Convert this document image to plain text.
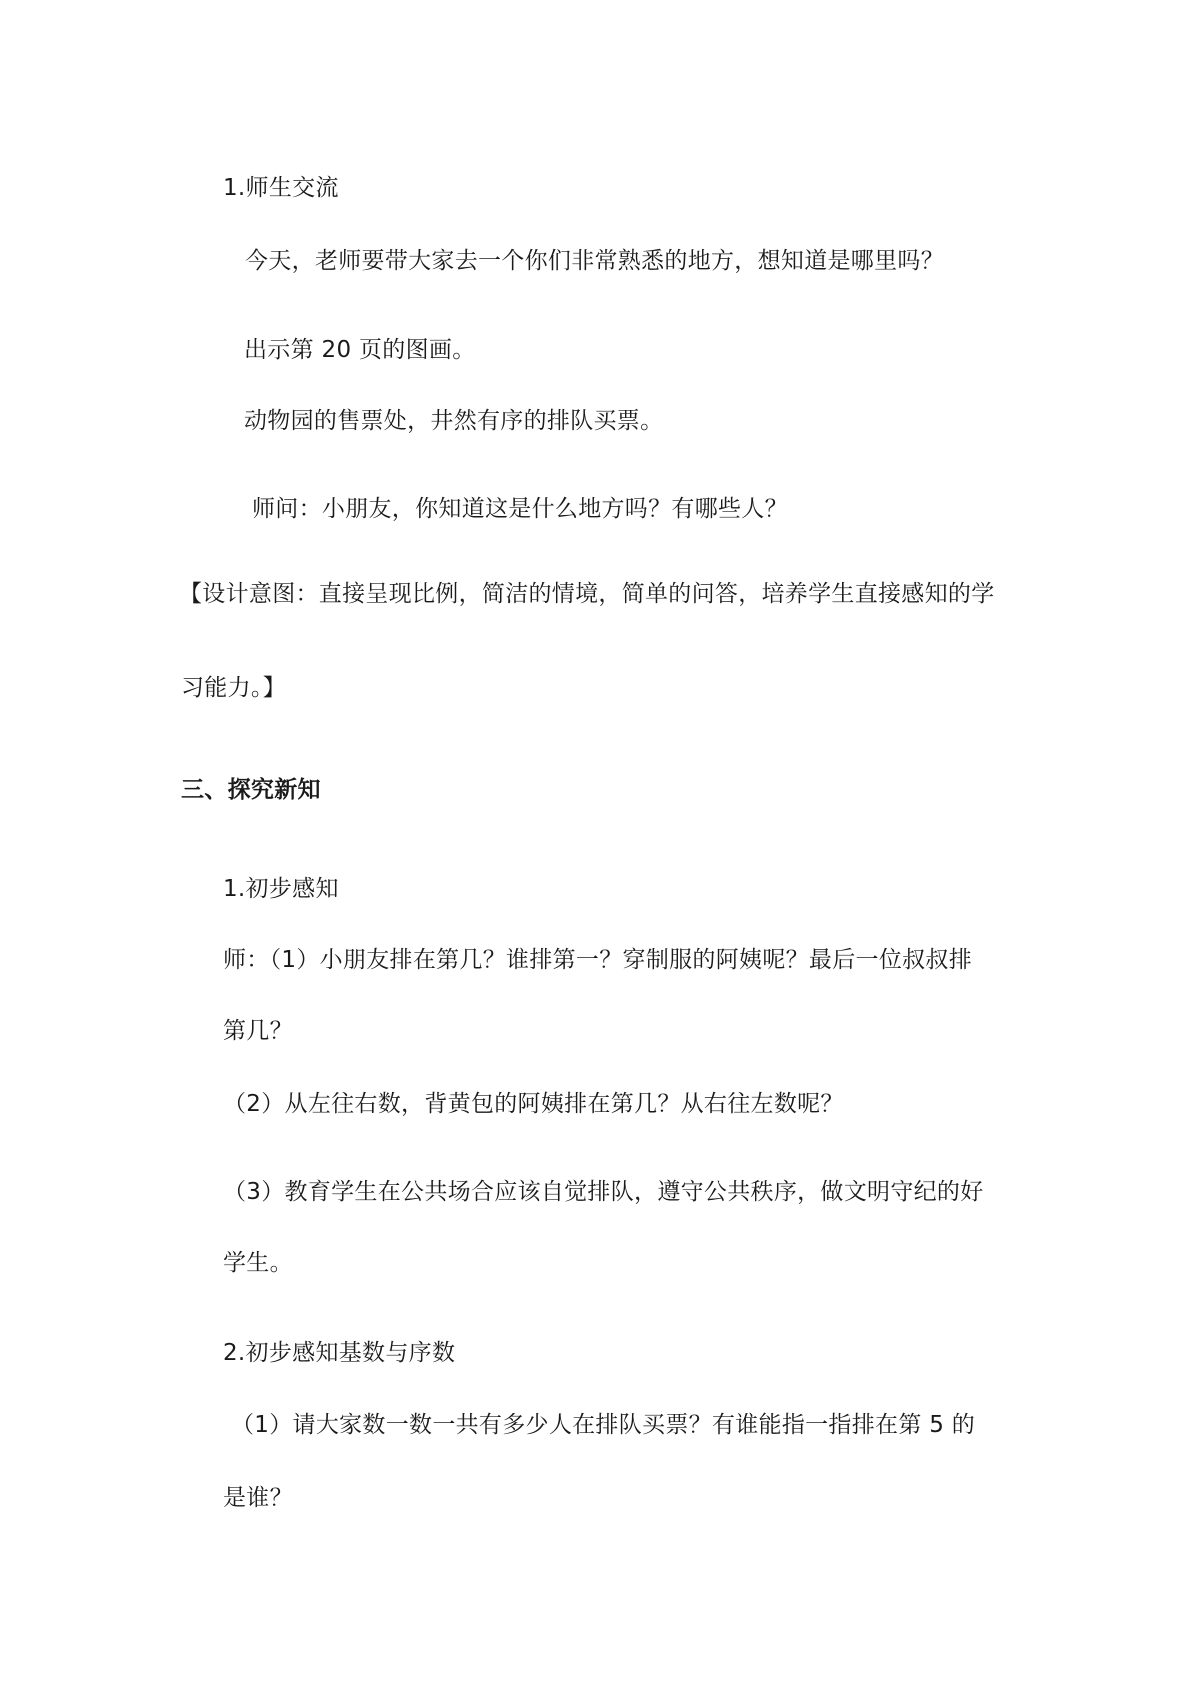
1.师生交流
今天，老师要带大家去一个你们非常熟悉的地方，想知道是哪里吗？
出示第 20 页的图画。
动物园的售票处，井然有序的排队买票。
师问：小朋友，你知道这是什么地方吗？有哪些人？
【设计意图：直接呈现比例，简洁的情境，简单的问答，培养学生直接感知的学
习能力。】
三、探究新知
1.初步感知
师：（1）小朋友排在第几？谁排第一？穿制服的阿姨呢？最后一位叔叔排
第几？
（2）从左往右数，背黄包的阿姨排在第几？从右往左数呢？
（3）教育学生在公共场合应该自觉排队，遵守公共秩序，做文明守纪的好
学生。
2.初步感知基数与序数
（1）请大家数一数一共有多少人在排队买票？有谁能指一指排在第 5 的
是谁？
